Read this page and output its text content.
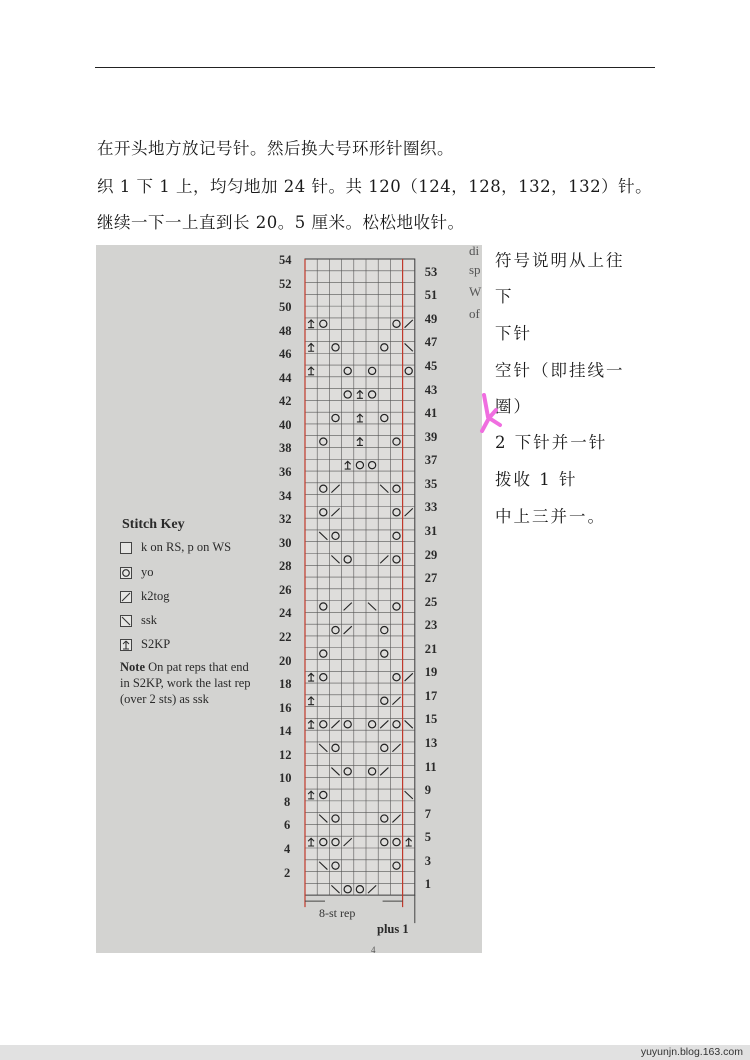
在开头地方放记号针。然后换大号环形针圈织。

织 1 下 1 上，均匀地加 24 针。共 120（124，128，132，132）针。

继续一下一上直到长 20。5 厘米。松松地收针。

Stitch Key
k on RS, p on WS
yo
k2tog
ssk
S2KP
Note On pat reps that end in S2KP, work the last rep (over 2 sts) as ssk
8-st rep
plus 1
4
54
52
50
48
46
44
42
40
38
36
34
32
30
28
26
24
22
20
18
16
14
12
10
8
6
4
2
53
51
49
47
45
43
41
39
37
35
33
31
29
27
25
23
21
19
17
15
13
11
9
7
5
3
1
di
sp
W
of

符号说明从上往

下

下针

空针（即挂线一

圈）

2 下针并一针

拨收 1 针

中上三并一。

yuyunjn.blog.163.com
